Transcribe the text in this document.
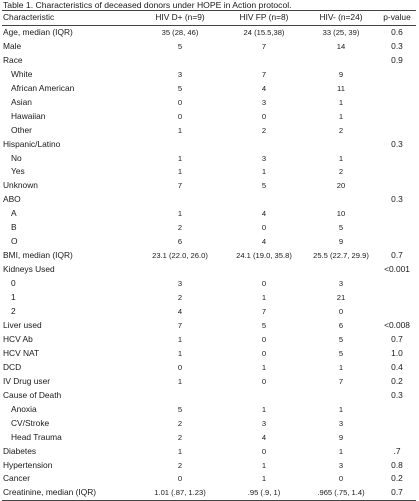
Table 1. Characteristics of deceased donors under HOPE in Action protocol.
Characteristic	HIV D+ (n=9)	HIV FP (n=8)	HIV- (n=24)	p-value
Age, median (IQR)	35 (28, 46)	24 (15.5,38)	33 (25, 39)	0.6
Male	5	7	14	0.3
Race				0.9
White	3	7	9	
African American	5	4	11	
Asian	0	3	1	
Hawaiian	0	0	1	
Other	1	2	2	
Hispanic/Latino				0.3
No	1	3	1	
Yes	1	1	2	
Unknown	7	5	20	
ABO				0.3
A	1	4	10	
B	2	0	5	
O	6	4	9	
BMI, median (IQR)	23.1 (22.0, 26.0)	24.1 (19.0, 35.8)	25.5 (22.7, 29.9)	0.7
Kidneys Used				<0.001
0	3	0	3	
1	2	1	21	
2	4	7	0	
Liver used	7	5	6	<0.008
HCV Ab	1	0	5	0.7
HCV NAT	1	0	5	1.0
DCD	0	1	1	0.4
IV Drug user	1	0	7	0.2
Cause of Death				0.3
Anoxia	5	1	1	
CV/Stroke	2	3	3	
Head Trauma	2	4	9	
Diabetes	1	0	1	.7
Hypertension	2	1	3	0.8
Cancer	0	1	0	0.2
Creatinine, median (IQR)	1.01 (.87, 1.23)	.95 (.9, 1)	.965 (.75, 1.4)	0.7
